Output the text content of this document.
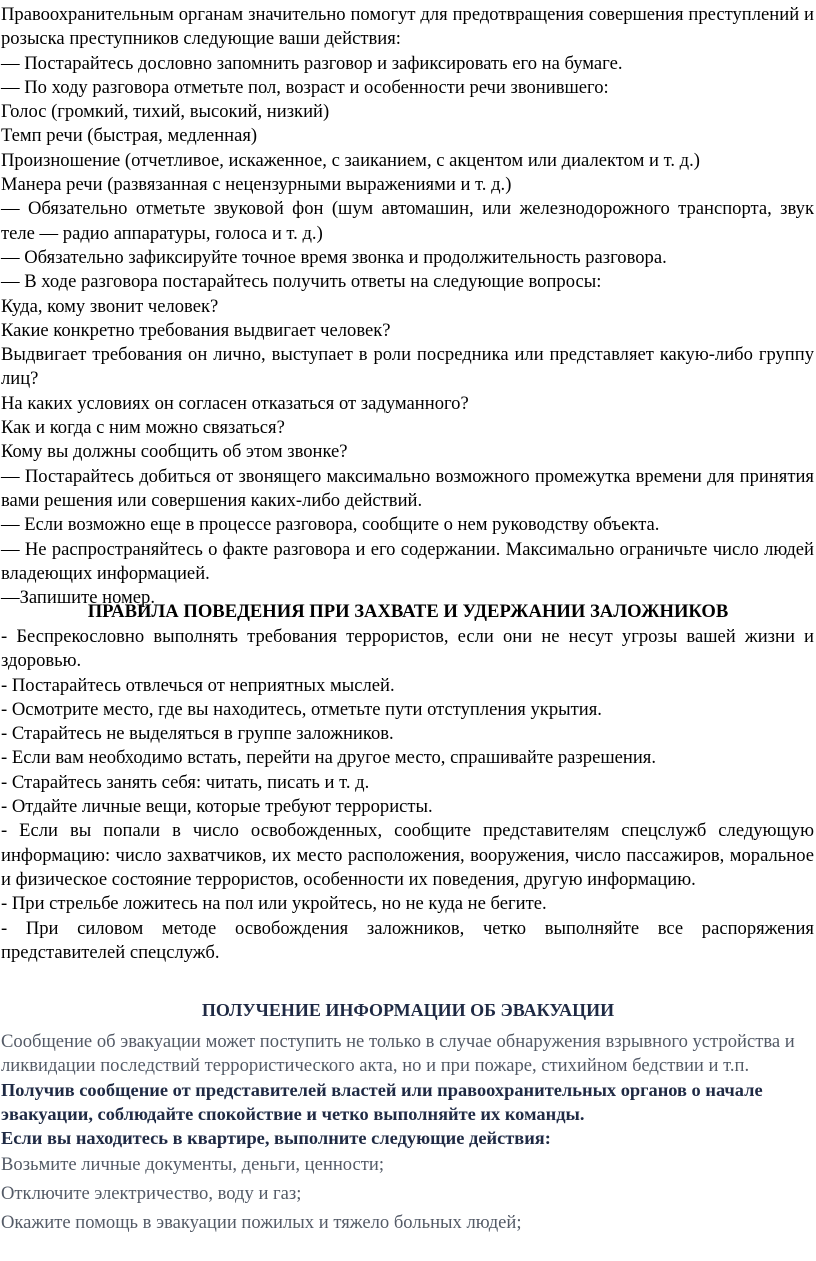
Правоохранительным органам значительно помогут для предотвращения совершения преступлений и розыска преступников следующие ваши действия:

— Постарайтесь дословно запомнить разговор и зафиксировать его на бумаге.

— По ходу разговора отметьте пол, возраст и особенности речи звонившего:

Голос (громкий, тихий, высокий, низкий)

Темп речи (быстрая, медленная)

Произношение (отчетливое, искаженное, с заиканием, с акцентом или диалектом и т. д.)

Манера речи (развязанная с нецензурными выражениями и т. д.)

— Обязательно отметьте звуковой фон (шум автомашин, или железнодорожного транспорта, звук теле — радио аппаратуры, голоса и т. д.)

— Обязательно зафиксируйте точное время звонка и продолжительность разговора.

— В ходе разговора постарайтесь получить ответы на следующие вопросы:

Куда, кому звонит человек?

Какие конкретно требования выдвигает человек?

Выдвигает требования он лично, выступает в роли посредника или представляет какую-либо группу лиц?

На каких условиях он согласен отказаться от задуманного?

Как и когда с ним можно связаться?

Кому вы должны сообщить об этом звонке?

— Постарайтесь добиться от звонящего максимально возможного промежутка времени для принятия вами решения или совершения каких-либо действий.

— Если возможно еще в процессе разговора, сообщите о нем руководству объекта.

— Не распространяйтесь о факте разговора и его содержании. Максимально ограничьте число людей владеющих информацией.

—Запишите номер.

ПРАВИЛА ПОВЕДЕНИЯ ПРИ ЗАХВАТЕ И УДЕРЖАНИИ ЗАЛОЖНИКОВ

- Беспрекословно выполнять требования террористов, если они не несут угрозы вашей жизни и здоровью.

- Постарайтесь отвлечься от неприятных мыслей.

- Осмотрите место, где вы находитесь, отметьте пути отступления укрытия.

- Старайтесь не выделяться в группе заложников.

- Если вам необходимо встать, перейти на другое место, спрашивайте разрешения.

- Старайтесь занять себя: читать, писать и т. д.

- Отдайте личные вещи, которые требуют террористы.

- Если вы попали в число освобожденных, сообщите представителям спецслужб следующую информацию: число захватчиков, их место расположения, вооружения, число пассажиров, моральное и физическое состояние террористов, особенности их поведения, другую информацию.

- При стрельбе ложитесь на пол или укройтесь, но не куда не бегите.

- При силовом методе освобождения заложников, четко выполняйте все распоряжения представителей спецслужб.

ПОЛУЧЕНИЕ ИНФОРМАЦИИ ОБ ЭВАКУАЦИИ

Сообщение об эвакуации может поступить не только в случае обнаружения взрывного устройства и ликвидации последствий террористического акта, но и при пожаре, стихийном бедствии и т.п.

Получив сообщение от представителей властей или правоохранительных органов о начале эвакуации, соблюдайте спокойствие и четко выполняйте их команды.

Если вы находитесь в квартире, выполните следующие действия:

Возьмите личные документы, деньги, ценности;

Отключите электричество, воду и газ;

Окажите помощь в эвакуации пожилых и тяжело больных людей;
